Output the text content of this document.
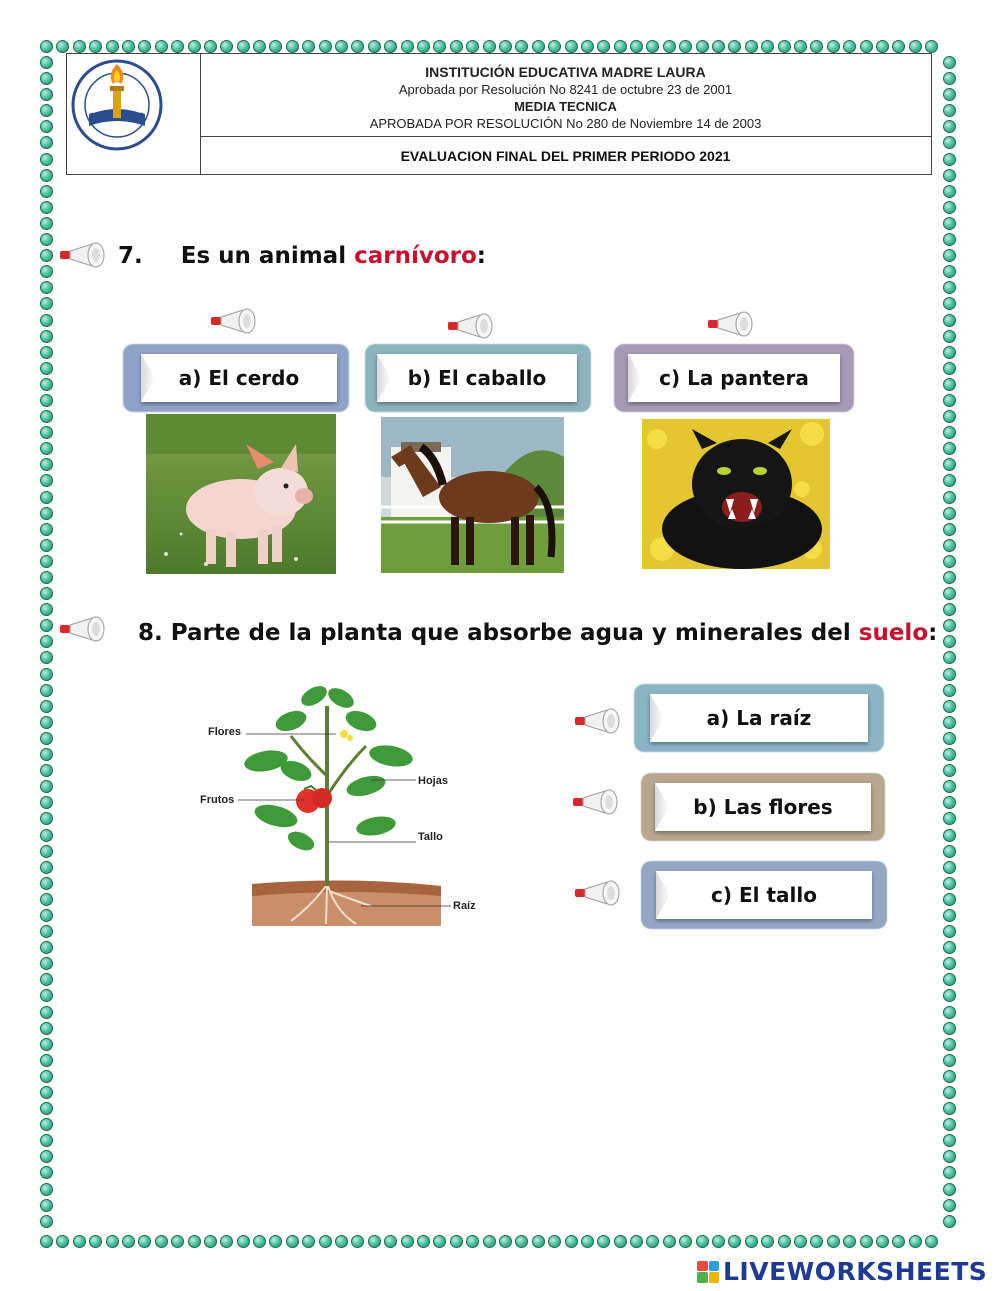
INSTITUCIÓN EDUCATIVA MADRE LAURA
Aprobada por Resolución No 8241 de octubre 23 de 2001
MEDIA TECNICA
APROBADA POR RESOLUCIÓN No 280 de Noviembre 14 de 2003
EVALUACION FINAL DEL PRIMER PERIODO 2021
7. Es un animal carnívoro:
a) El cerdo	b) El caballo	c) La pantera
8. Parte de la planta que absorbe agua y minerales del suelo:
Flores
Frutos
Hojas
Tallo
Raíz
a) La raíz
b) Las flores
c) El tallo
LIVEWORKSHEETS
